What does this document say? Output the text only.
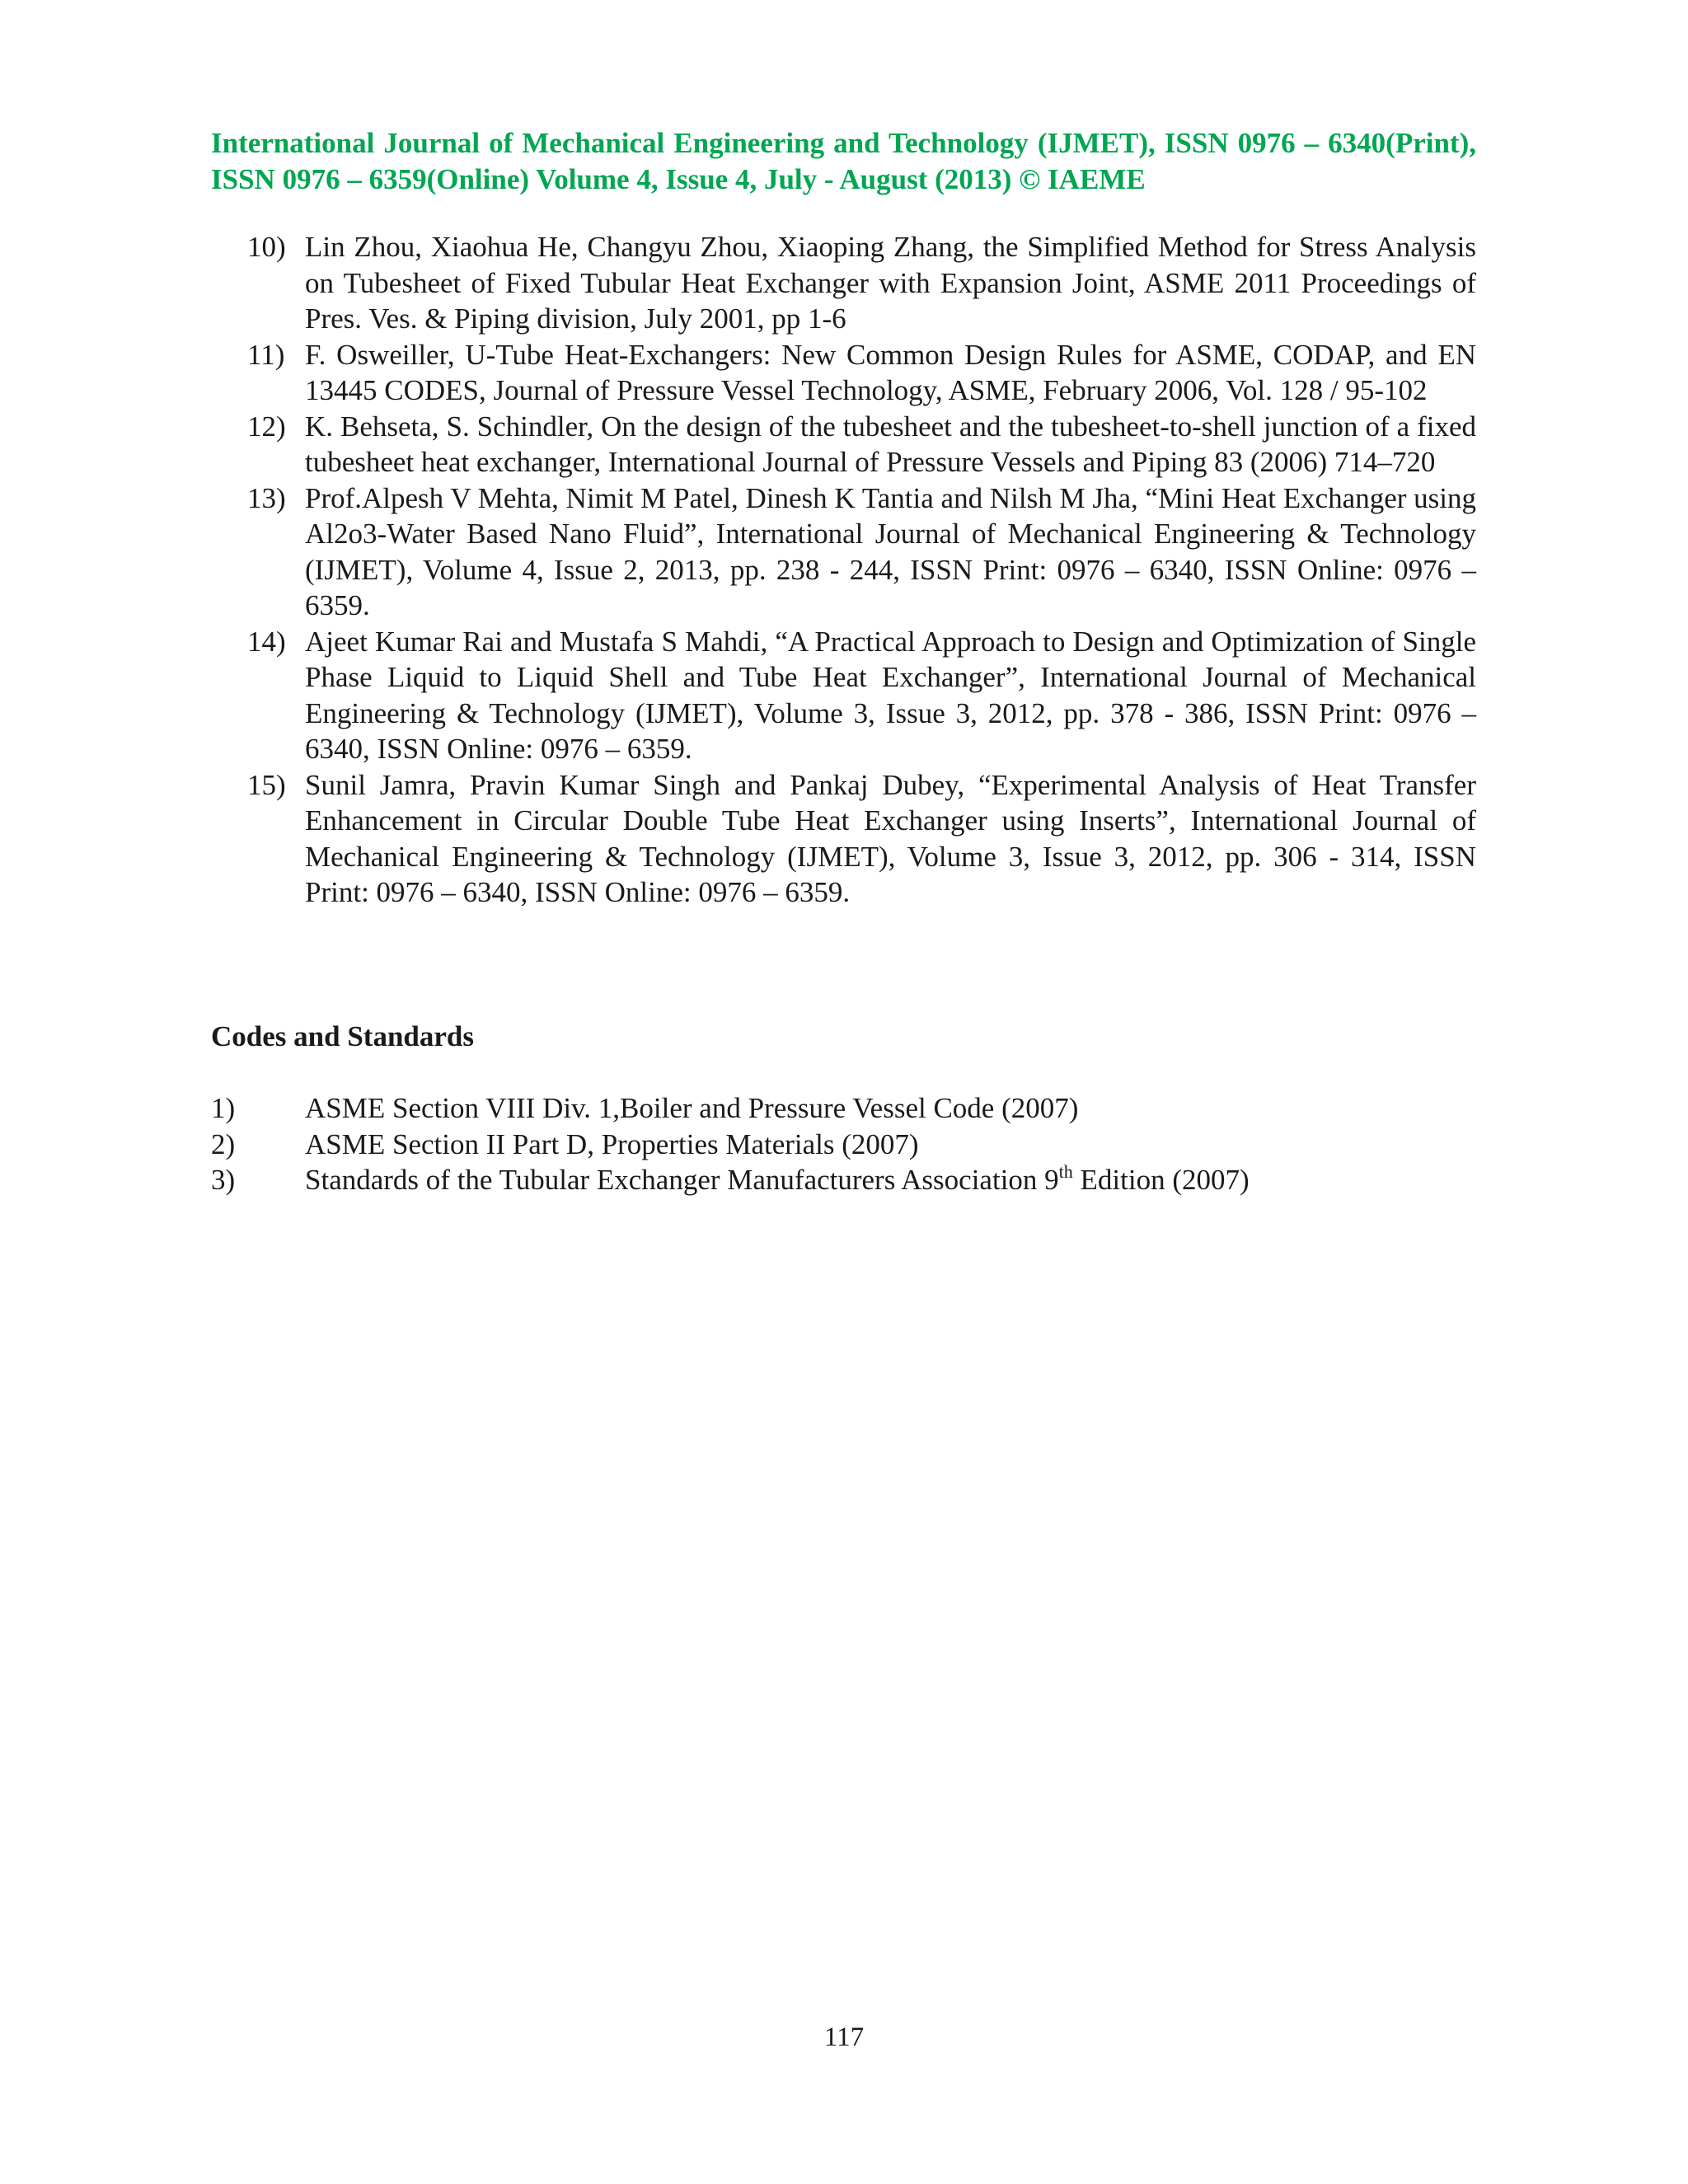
International Journal of Mechanical Engineering and Technology (IJMET), ISSN 0976 – 6340(Print), ISSN 0976 – 6359(Online) Volume 4, Issue 4, July - August (2013) © IAEME
10) Lin Zhou, Xiaohua He, Changyu Zhou, Xiaoping Zhang, the Simplified Method for Stress Analysis on Tubesheet of Fixed Tubular Heat Exchanger with Expansion Joint, ASME 2011 Proceedings of Pres. Ves. & Piping division, July 2001, pp 1-6
11) F. Osweiller, U-Tube Heat-Exchangers: New Common Design Rules for ASME, CODAP, and EN 13445 CODES, Journal of Pressure Vessel Technology, ASME, February 2006, Vol. 128 / 95-102
12) K. Behseta, S. Schindler, On the design of the tubesheet and the tubesheet-to-shell junction of a fixed tubesheet heat exchanger, International Journal of Pressure Vessels and Piping 83 (2006) 714–720
13) Prof.Alpesh V Mehta, Nimit M Patel, Dinesh K Tantia and Nilsh M Jha, “Mini Heat Exchanger using Al2o3-Water Based Nano Fluid”, International Journal of Mechanical Engineering & Technology (IJMET), Volume 4, Issue 2, 2013, pp. 238 - 244, ISSN Print: 0976 – 6340, ISSN Online: 0976 – 6359.
14) Ajeet Kumar Rai and Mustafa S Mahdi, “A Practical Approach to Design and Optimization of Single Phase Liquid to Liquid Shell and Tube Heat Exchanger”, International Journal of Mechanical Engineering & Technology (IJMET), Volume 3, Issue 3, 2012, pp. 378 - 386, ISSN Print: 0976 – 6340, ISSN Online: 0976 – 6359.
15) Sunil Jamra, Pravin Kumar Singh and Pankaj Dubey, “Experimental Analysis of Heat Transfer Enhancement in Circular Double Tube Heat Exchanger using Inserts”, International Journal of Mechanical Engineering & Technology (IJMET), Volume 3, Issue 3, 2012, pp. 306 - 314, ISSN Print: 0976 – 6340, ISSN Online: 0976 – 6359.
Codes and Standards
1) ASME Section VIII Div. 1,Boiler and Pressure Vessel Code (2007)
2) ASME Section II Part D, Properties Materials (2007)
3) Standards of the Tubular Exchanger Manufacturers Association 9th Edition (2007)
117
